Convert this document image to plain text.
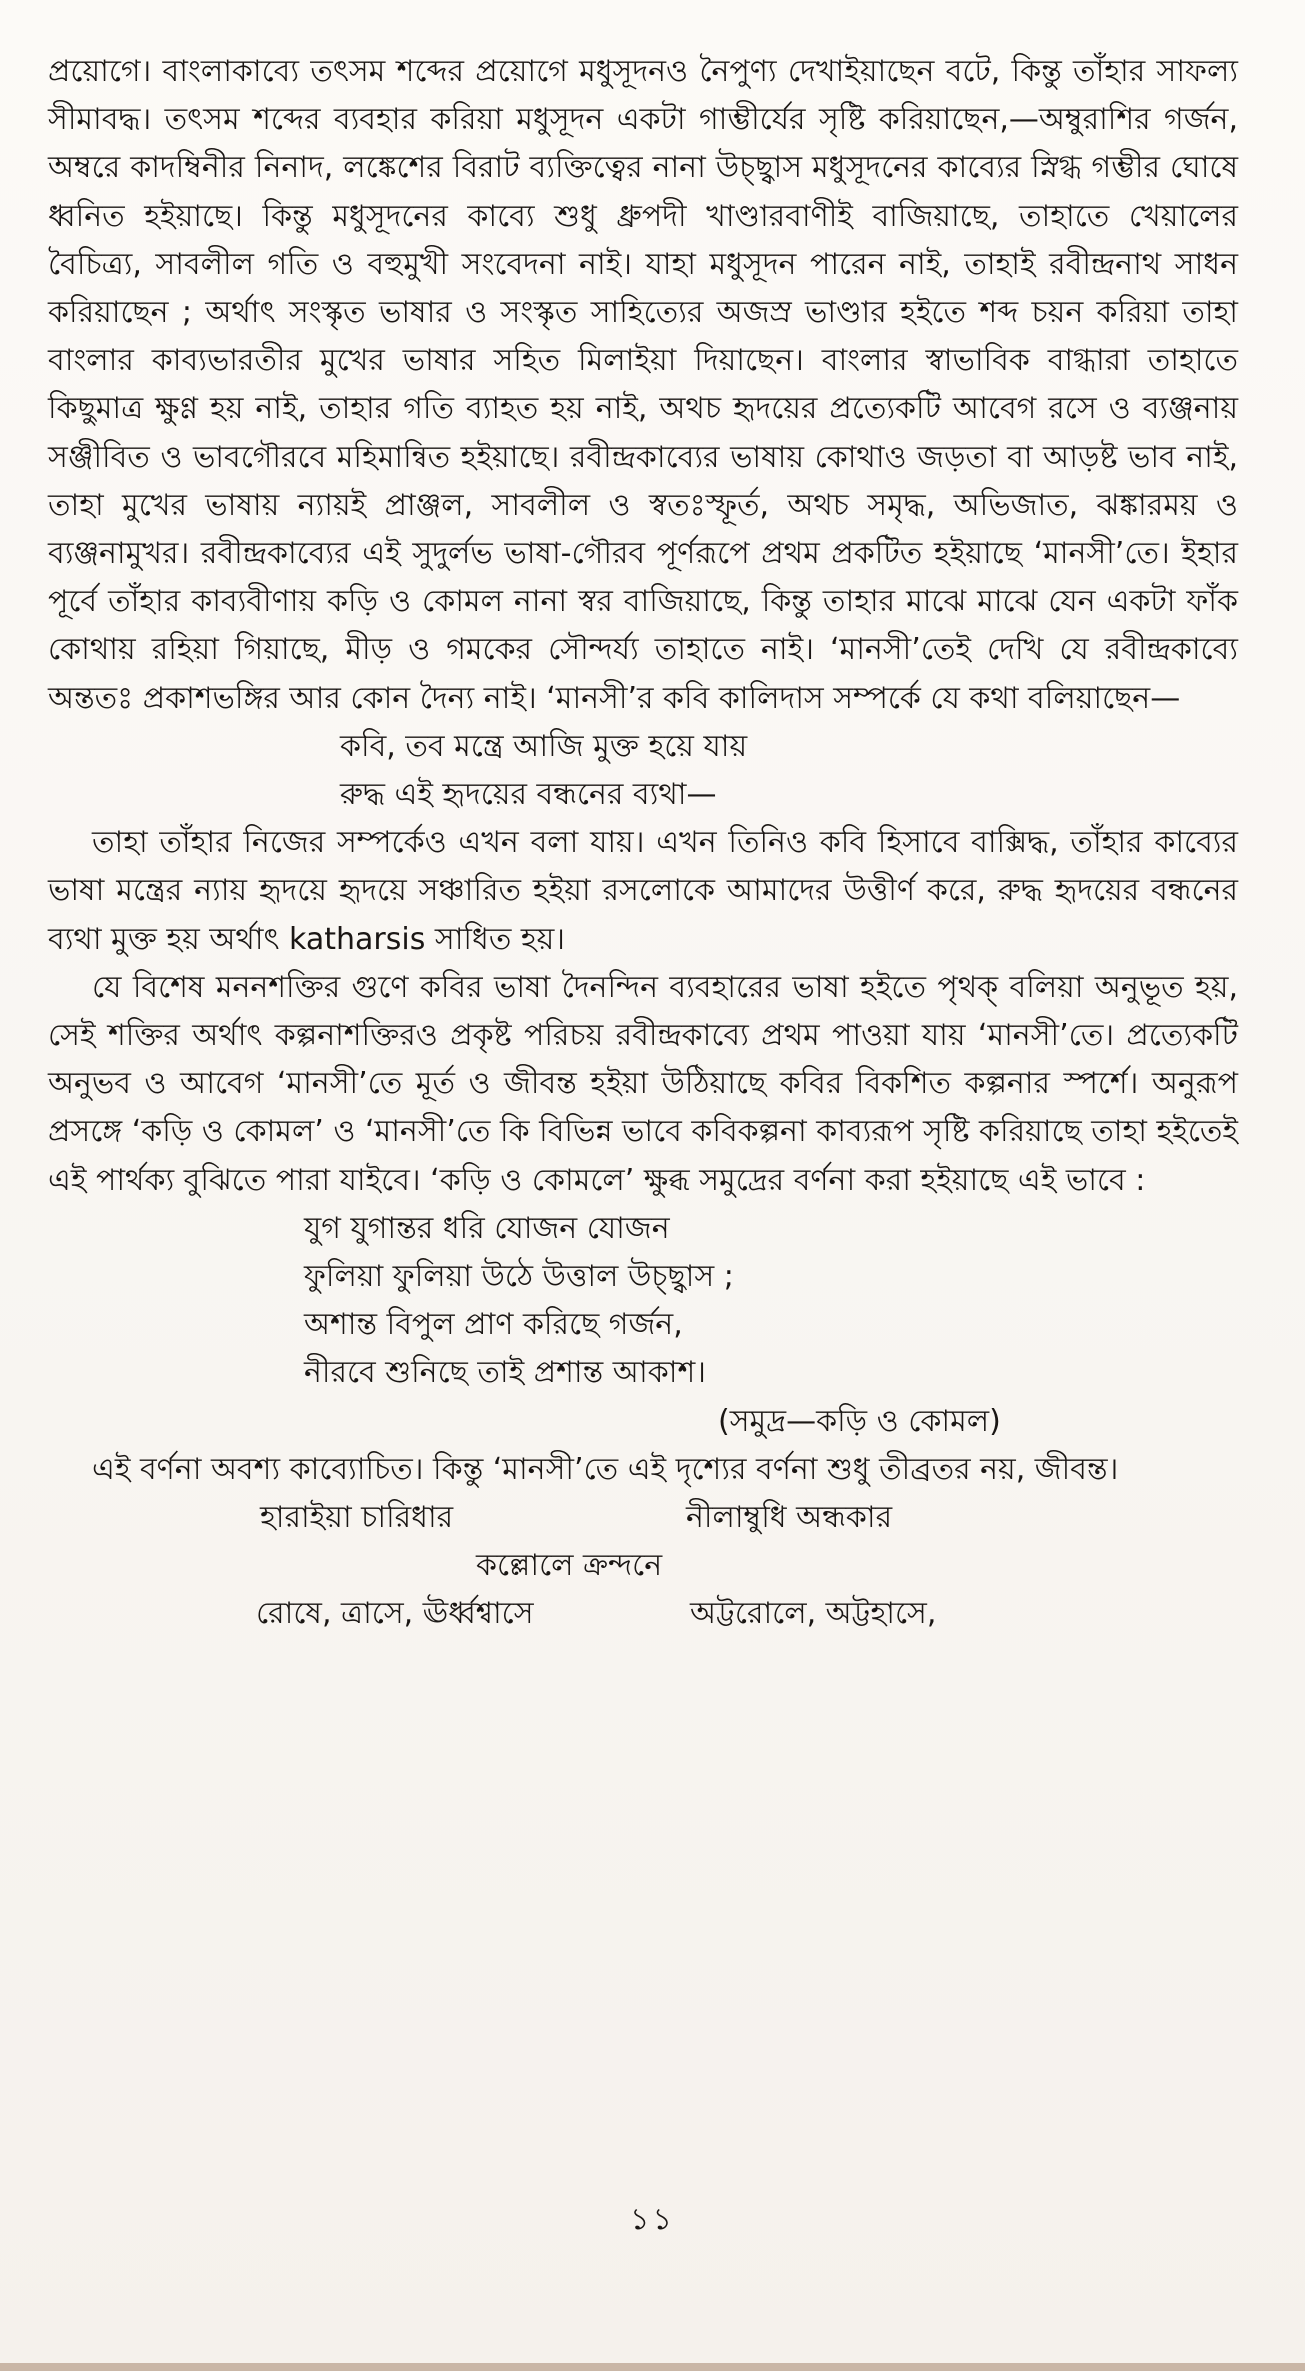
প্রয়োগে। বাংলাকাব্যে তৎসম শব্দের প্রয়োগে মধুসূদনও নৈপুণ্য দেখাইয়াছেন বটে, কিন্তু তাঁহার সাফল্য সীমাবদ্ধ। তৎসম শব্দের ব্যবহার করিয়া মধুসূদন একটা গাম্ভীর্যের সৃষ্টি করিয়াছেন,—অম্বুরাশির গর্জন, অম্বরে কাদম্বিনীর নিনাদ, লঙ্কেশের বিরাট ব্যক্তিত্বের নানা উচ্ছ্বাস মধুসূদনের কাব্যের স্নিগ্ধ গম্ভীর ঘোষে ধ্বনিত হইয়াছে। কিন্তু মধুসূদনের কাব্যে শুধু ধ্রুপদী খাণ্ডারবাণীই বাজিয়াছে, তাহাতে খেয়ালের বৈচিত্র্য, সাবলীল গতি ও বহুমুখী সংবেদনা নাই। যাহা মধুসূদন পারেন নাই, তাহাই রবীন্দ্রনাথ সাধন করিয়াছেন ; অর্থাৎ সংস্কৃত ভাষার ও সংস্কৃত সাহিত্যের অজস্র ভাণ্ডার হইতে শব্দ চয়ন করিয়া তাহা বাংলার কাব্যভারতীর মুখের ভাষার সহিত মিলাইয়া দিয়াছেন। বাংলার স্বাভাবিক বাগ্ধারা তাহাতে কিছুমাত্র ক্ষুণ্ণ হয় নাই, তাহার গতি ব্যাহত হয় নাই, অথচ হৃদয়ের প্রত্যেকটি আবেগ রসে ও ব্যঞ্জনায় সঞ্জীবিত ও ভাবগৌরবে মহিমান্বিত হইয়াছে। রবীন্দ্রকাব্যের ভাষায় কোথাও জড়তা বা আড়ষ্ট ভাব নাই, তাহা মুখের ভাষায় ন্যায়ই প্রাঞ্জল, সাবলীল ও স্বতঃস্ফূর্ত, অথচ সমৃদ্ধ, অভিজাত, ঝঙ্কারময় ও ব্যঞ্জনামুখর। রবীন্দ্রকাব্যের এই সুদুর্লভ ভাষা-গৌরব পূর্ণরূপে প্রথম প্রকটিত হইয়াছে ‘মানসী’তে। ইহার পূর্বে তাঁহার কাব্যবীণায় কড়ি ও কোমল নানা স্বর বাজিয়াছে, কিন্তু তাহার মাঝে মাঝে যেন একটা ফাঁক কোথায় রহিয়া গিয়াছে, মীড় ও গমকের সৌন্দর্য্য তাহাতে নাই। ‘মানসী’তেই দেখি যে রবীন্দ্রকাব্যে অন্ততঃ প্রকাশভঙ্গির আর কোন দৈন্য নাই। ‘মানসী’র কবি কালিদাস সম্পর্কে যে কথা বলিয়াছেন—

কবি, তব মন্ত্রে আজি মুক্ত হয়ে যায়

রুদ্ধ এই হৃদয়ের বন্ধনের ব্যথা—

তাহা তাঁহার নিজের সম্পর্কেও এখন বলা যায়। এখন তিনিও কবি হিসাবে বাক্সিদ্ধ, তাঁহার কাব্যের ভাষা মন্ত্রের ন্যায় হৃদয়ে হৃদয়ে সঞ্চারিত হইয়া রসলোকে আমাদের উত্তীর্ণ করে, রুদ্ধ হৃদয়ের বন্ধনের ব্যথা মুক্ত হয় অর্থাৎ katharsis সাধিত হয়।

যে বিশেষ মননশক্তির গুণে কবির ভাষা দৈনন্দিন ব্যবহারের ভাষা হইতে পৃথক্ বলিয়া অনুভূত হয়, সেই শক্তির অর্থাৎ কল্পনাশক্তিরও প্রকৃষ্ট পরিচয় রবীন্দ্রকাব্যে প্রথম পাওয়া যায় ‘মানসী’তে। প্রত্যেকটি অনুভব ও আবেগ ‘মানসী’তে মূর্ত ও জীবন্ত হইয়া উঠিয়াছে কবির বিকশিত কল্পনার স্পর্শে। অনুরূপ প্রসঙ্গে ‘কড়ি ও কোমল’ ও ‘মানসী’তে কি বিভিন্ন ভাবে কবিকল্পনা কাব্যরূপ সৃষ্টি করিয়াছে তাহা হইতেই এই পার্থক্য বুঝিতে পারা যাইবে। ‘কড়ি ও কোমলে’ ক্ষুব্ধ সমুদ্রের বর্ণনা করা হইয়াছে এই ভাবে :

যুগ যুগান্তর ধরি যোজন যোজন

ফুলিয়া ফুলিয়া উঠে উত্তাল উচ্ছ্বাস ;

অশান্ত বিপুল প্রাণ করিছে গর্জন,

নীরবে শুনিছে তাই প্রশান্ত আকাশ।

(সমুদ্র—কড়ি ও কোমল)

এই বর্ণনা অবশ্য কাব্যোচিত। কিন্তু ‘মানসী’তে এই দৃশ্যের বর্ণনা শুধু তীব্রতর নয়, জীবন্ত।

হারাইয়া চারিধার	নীলাম্বুধি অন্ধকার
কল্লোলে ক্রন্দনে
রোষে, ত্রাসে, ঊর্ধ্বশ্বাসে	অট্টরোলে, অট্টহাসে,
১১
